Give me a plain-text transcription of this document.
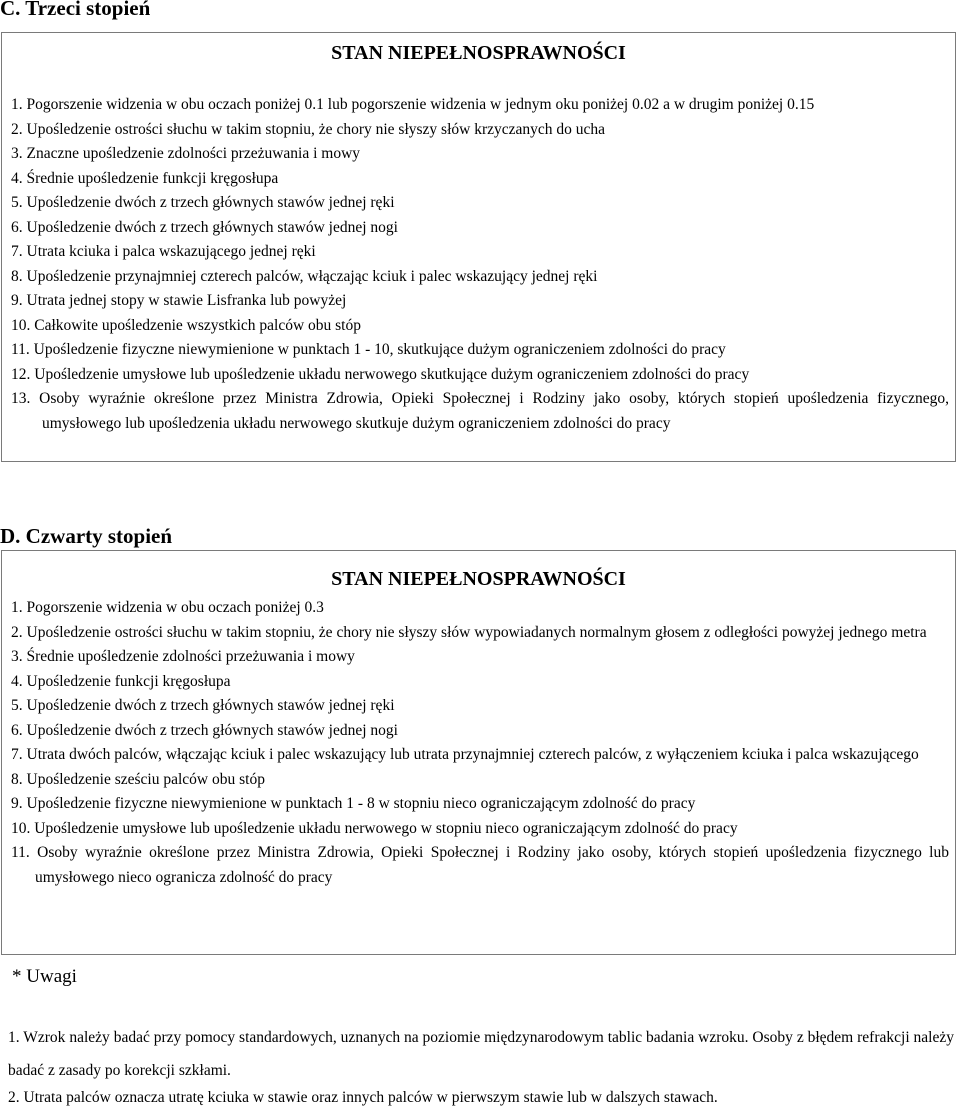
C. Trzeci stopień
STAN NIEPEŁNOSPRAWNOŚCI
1. Pogorszenie widzenia w obu oczach poniżej 0.1 lub pogorszenie widzenia w jednym oku poniżej 0.02 a w drugim poniżej 0.15
2. Upośledzenie ostrości słuchu w takim stopniu, że chory nie słyszy słów krzyczanych do ucha
3. Znaczne upośledzenie zdolności przeżuwania i mowy
4. Średnie upośledzenie funkcji kręgosłupa
5. Upośledzenie dwóch z trzech głównych stawów jednej ręki
6. Upośledzenie dwóch z trzech głównych stawów jednej nogi
7. Utrata kciuka i palca wskazującego jednej ręki
8. Upośledzenie przynajmniej czterech palców, włączając kciuk i palec wskazujący jednej ręki
9. Utrata jednej stopy w stawie Lisfranka lub powyżej
10. Całkowite upośledzenie wszystkich palców obu stóp
11. Upośledzenie fizyczne niewymienione w punktach 1 - 10, skutkujące dużym ograniczeniem zdolności do pracy
12. Upośledzenie umysłowe lub upośledzenie układu nerwowego skutkujące dużym ograniczeniem zdolności do pracy
13. Osoby wyraźnie określone przez Ministra Zdrowia, Opieki Społecznej i Rodziny jako osoby, których stopień upośledzenia fizycznego, umysłowego lub upośledzenia układu nerwowego skutkuje dużym ograniczeniem zdolności do pracy
D. Czwarty stopień
STAN NIEPEŁNOSPRAWNOŚCI
1. Pogorszenie widzenia w obu oczach poniżej 0.3
2. Upośledzenie ostrości słuchu w takim stopniu, że chory nie słyszy słów wypowiadanych normalnym głosem z odległości powyżej jednego metra
3. Średnie upośledzenie zdolności przeżuwania i mowy
4. Upośledzenie funkcji kręgosłupa
5. Upośledzenie dwóch z trzech głównych stawów jednej ręki
6. Upośledzenie dwóch z trzech głównych stawów jednej nogi
7. Utrata dwóch palców, włączając kciuk i palec wskazujący lub utrata przynajmniej czterech palców, z wyłączeniem kciuka i palca wskazującego
8. Upośledzenie sześciu palców obu stóp
9. Upośledzenie fizyczne niewymienione w punktach 1 - 8 w stopniu nieco ograniczającym zdolność do pracy
10. Upośledzenie umysłowe lub upośledzenie układu nerwowego w stopniu nieco ograniczającym zdolność do pracy
11. Osoby wyraźnie określone przez Ministra Zdrowia, Opieki Społecznej i Rodziny jako osoby, których stopień upośledzenia fizycznego lub umysłowego nieco ogranicza zdolność do pracy
* Uwagi

1. Wzrok należy badać przy pomocy standardowych, uznanych na poziomie międzynarodowym tablic badania wzroku. Osoby z błędem refrakcji należy badać z zasady po korekcji szkłami.

2. Utrata palców oznacza utratę kciuka w stawie oraz innych palców w pierwszym stawie lub w dalszych stawach.
